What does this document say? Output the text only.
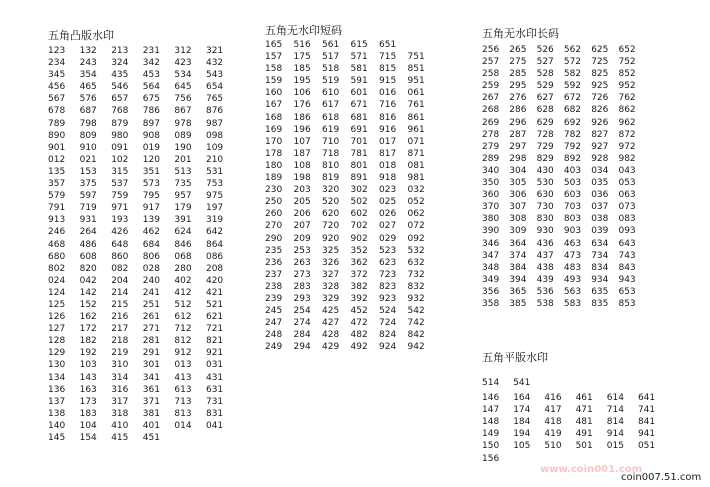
五角凸版水印
123	132	213	231	312	321
234	243	324	342	423	432
345	354	435	453	534	543
456	465	546	564	645	654
567	576	657	675	756	765
678	687	768	786	867	876
789	798	879	897	978	987
890	809	980	908	089	098
901	910	091	019	190	109
012	021	102	120	201	210
135	153	315	351	513	531
357	375	537	573	735	753
579	597	759	795	957	975
791	719	971	917	179	197
913	931	193	139	391	319
246	264	426	462	624	642
468	486	648	684	846	864
680	608	860	806	068	086
802	820	082	028	280	208
024	042	204	240	402	420
124	142	214	241	412	421
125	152	215	251	512	521
126	162	216	261	612	621
127	172	217	271	712	721
128	182	218	281	812	821
129	192	219	291	912	921
130	103	310	301	013	031
134	143	314	341	413	431
136	163	316	361	613	631
137	173	317	371	713	731
138	183	318	381	813	831
140	104	410	401	014	041
145	154	415	451
五角无水印短码
165	516	561	615	651
157	175	517	571	715	751
158	185	518	581	815	851
159	195	519	591	915	951
160	106	610	601	016	061
167	176	617	671	716	761
168	186	618	681	816	861
169	196	619	691	916	961
170	107	710	701	017	071
178	187	718	781	817	871
180	108	810	801	018	081
189	198	819	891	918	981
230	203	320	302	023	032
250	205	520	502	025	052
260	206	620	602	026	062
270	207	720	702	027	072
290	209	920	902	029	092
235	253	325	352	523	532
236	263	326	362	623	632
237	273	327	372	723	732
238	283	328	382	823	832
239	293	329	392	923	932
245	254	425	452	524	542
247	274	427	472	724	742
248	284	428	482	824	842
249	294	429	492	924	942
五角无水印长码
256	265	526	562	625	652
257	275	527	572	725	752
258	285	528	582	825	852
259	295	529	592	925	952
267	276	627	672	726	762
268	286	628	682	826	862
269	296	629	692	926	962
278	287	728	782	827	872
279	297	729	792	927	972
289	298	829	892	928	982
340	304	430	403	034	043
350	305	530	503	035	053
360	306	630	603	036	063
370	307	730	703	037	073
380	308	830	803	038	083
390	309	930	903	039	093
346	364	436	463	634	643
347	374	437	473	734	743
348	384	438	483	834	843
349	394	439	493	934	943
356	365	536	563	635	653
358	385	538	583	835	853
五角平版水印
514	541
146	164	416	461	614	641
147	174	417	471	714	741
148	184	418	481	814	841
149	194	419	491	914	941
150	105	510	501	015	051
156
www.coin001.com
coin007.51.com
